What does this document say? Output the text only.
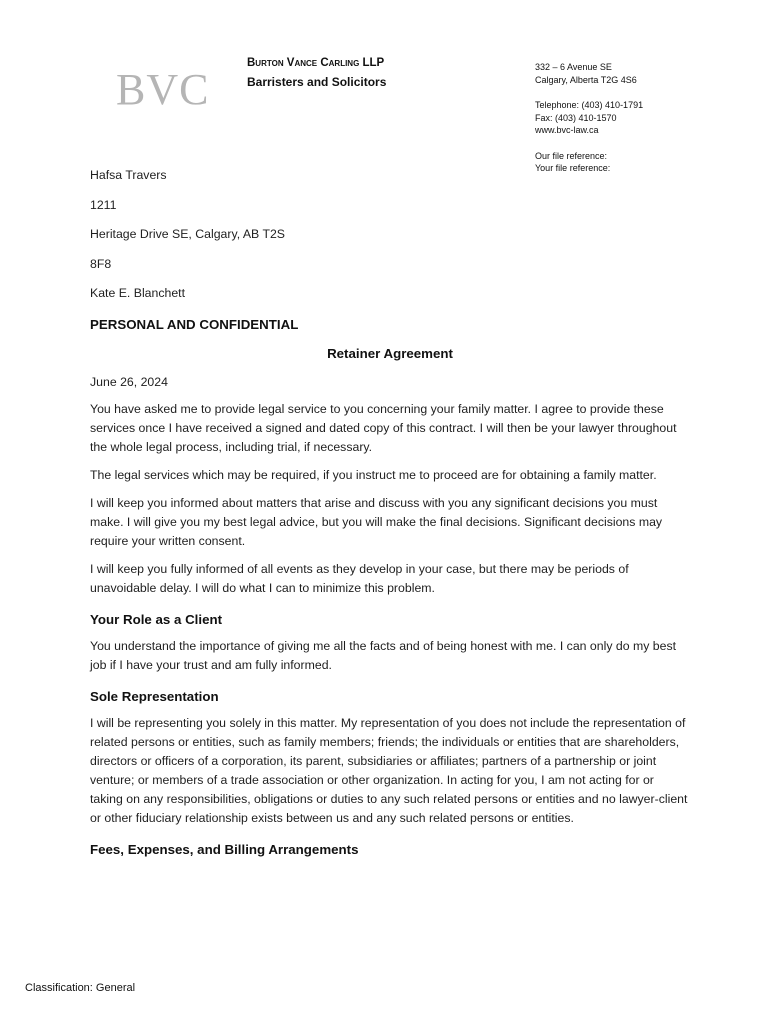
BVC
Burton Vance Carling LLP
Barristers and Solicitors
332 – 6 Avenue SE
Calgary, Alberta T2G 4S6
Telephone: (403) 410-1791
Fax: (403) 410-1570
www.bvc-law.ca
Our file reference:
Your file reference:
Hafsa Travers
1211
Heritage Drive SE, Calgary, AB T2S
8F8
Kate E. Blanchett
PERSONAL AND CONFIDENTIAL
Retainer Agreement
June 26, 2024

You have asked me to provide legal service to you concerning your family matter. I agree to provide these services once I have received a signed and dated copy of this contract. I will then be your lawyer throughout the whole legal process, including trial, if necessary.

The legal services which may be required, if you instruct me to proceed are for obtaining a family matter.

I will keep you informed about matters that arise and discuss with you any significant decisions you must make. I will give you my best legal advice, but you will make the final decisions. Significant decisions may require your written consent.

I will keep you fully informed of all events as they develop in your case, but there may be periods of unavoidable delay. I will do what I can to minimize this problem.

Your Role as a Client

You understand the importance of giving me all the facts and of being honest with me. I can only do my best job if I have your trust and am fully informed.

Sole Representation

I will be representing you solely in this matter. My representation of you does not include the representation of related persons or entities, such as family members; friends; the individuals or entities that are shareholders, directors or officers of a corporation, its parent, subsidiaries or affiliates; partners of a partnership or joint venture; or members of a trade association or other organization. In acting for you, I am not acting for or taking on any responsibilities, obligations or duties to any such related persons or entities and no lawyer-client or other fiduciary relationship exists between us and any such related persons or entities.

Fees, Expenses, and Billing Arrangements
Classification: General
